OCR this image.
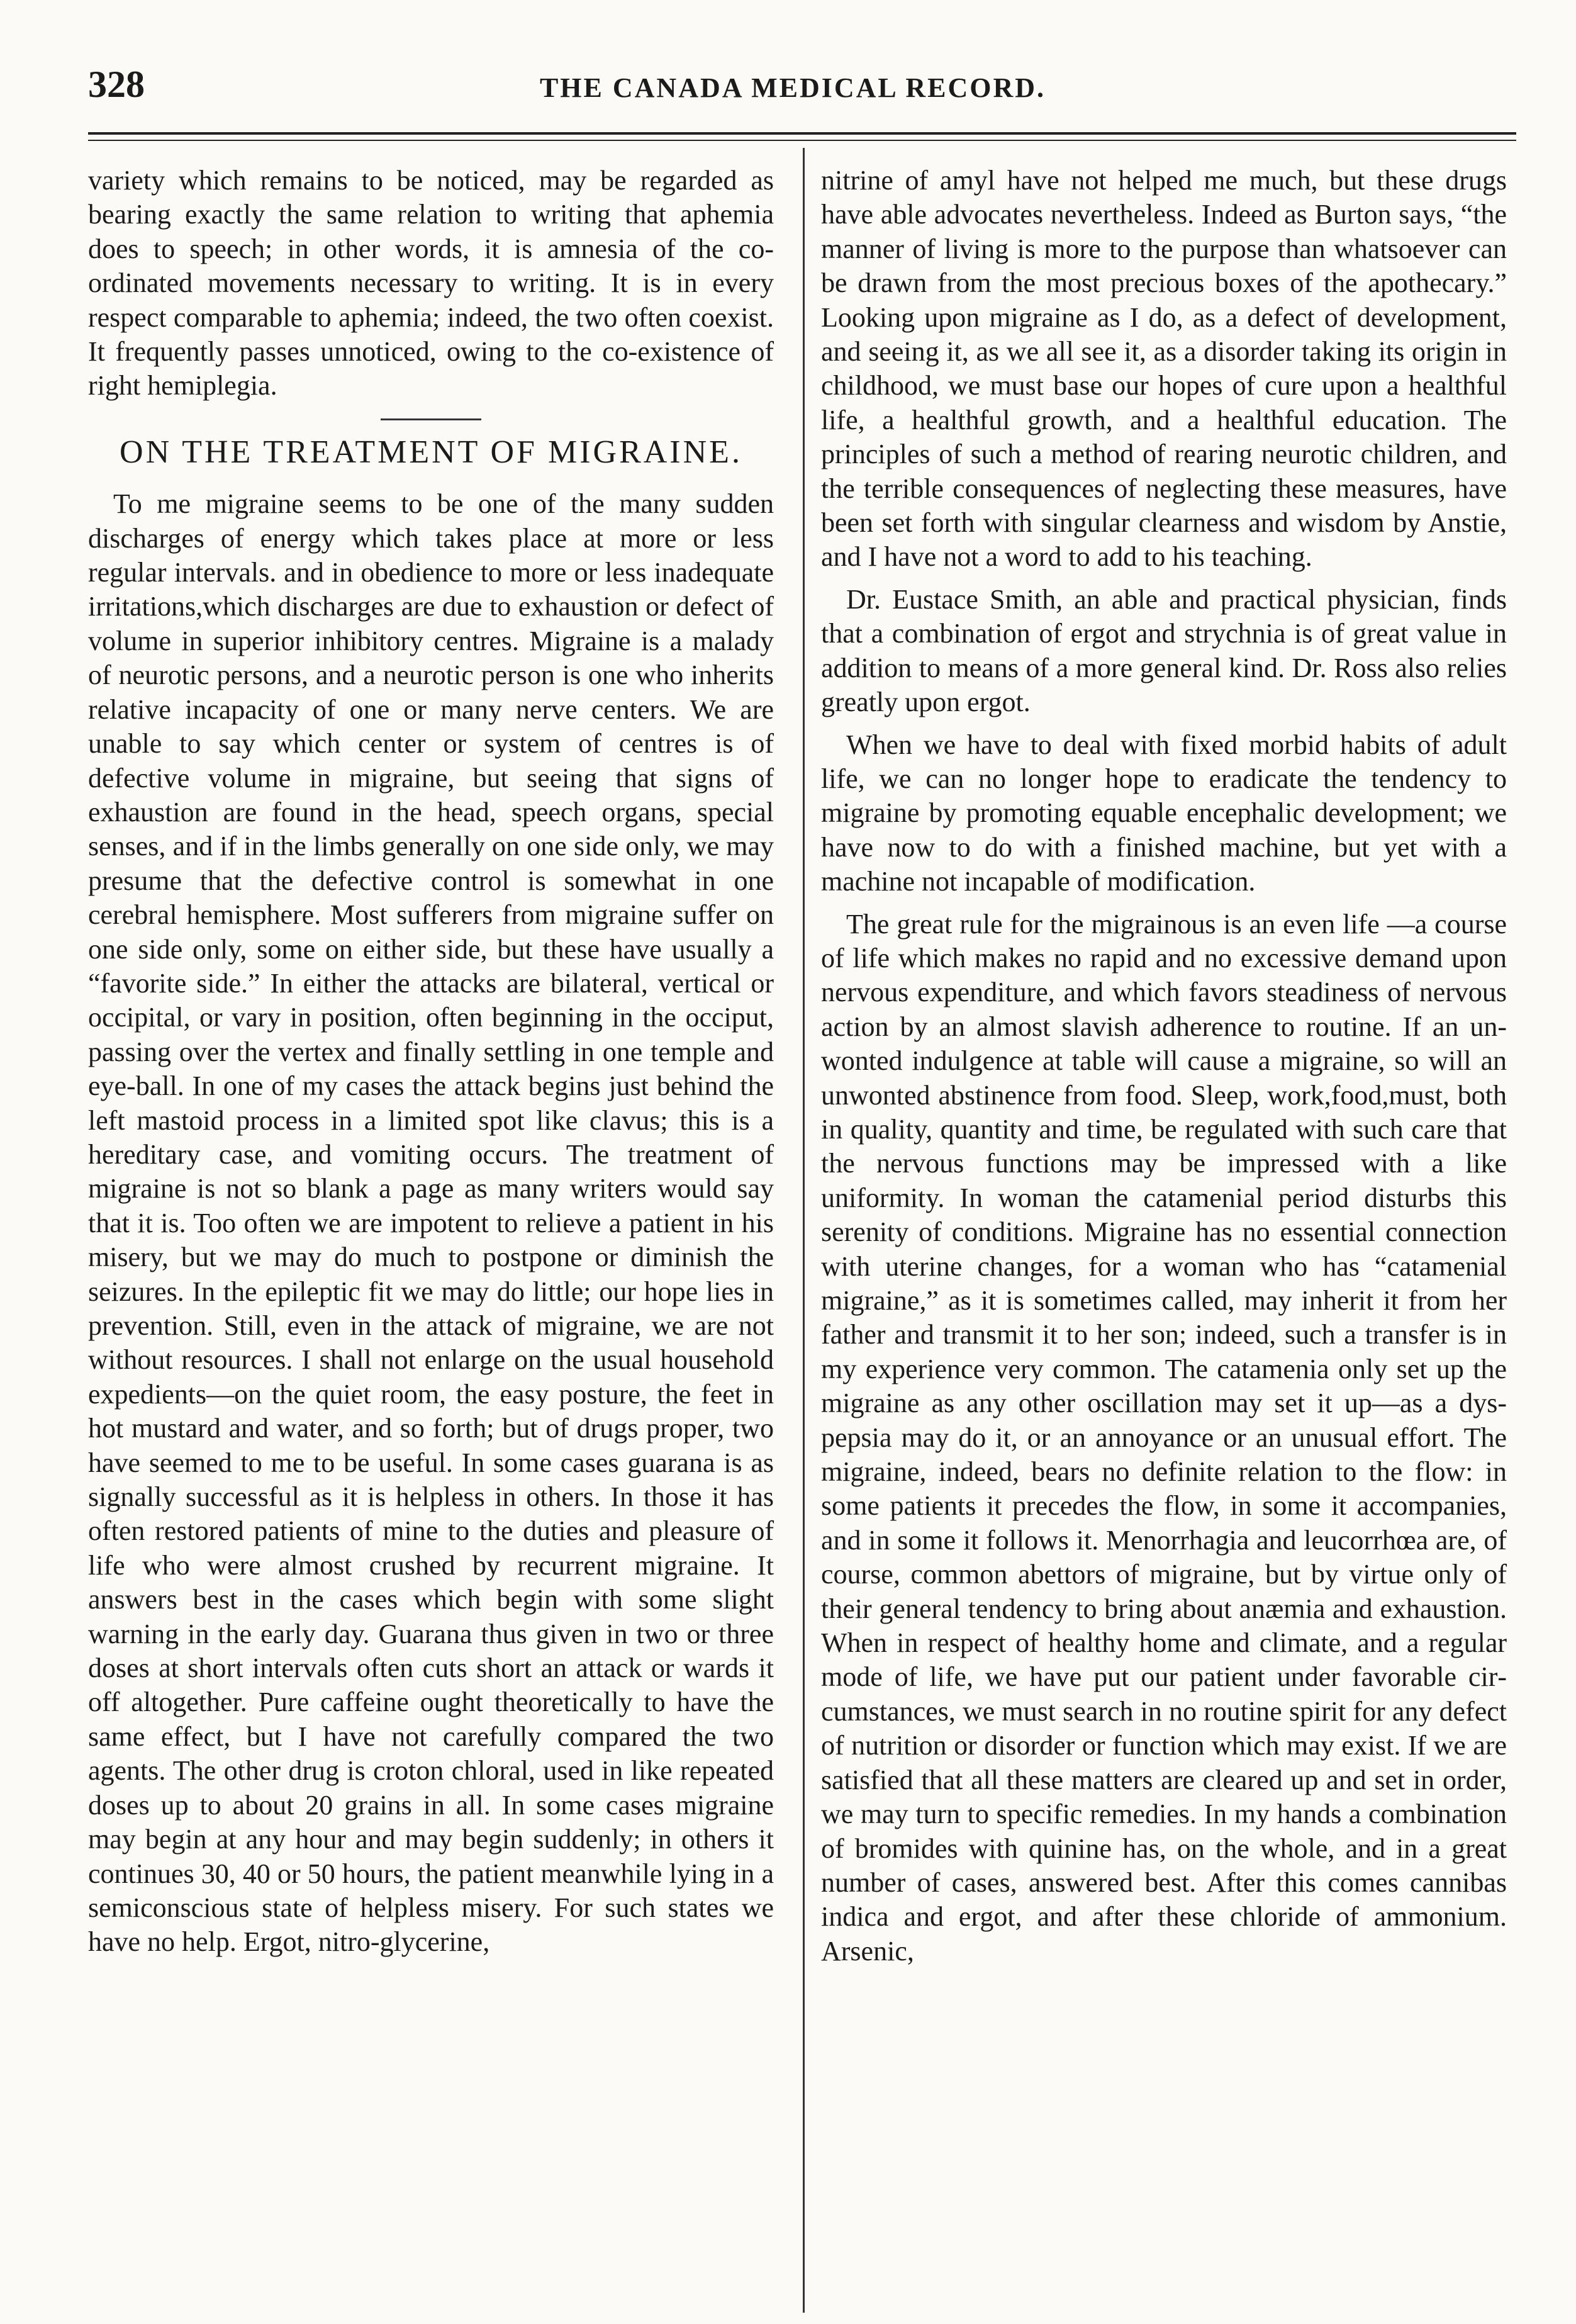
328	THE CANADA MEDICAL RECORD.

variety which remains to be noticed, may be regarded as bearing exactly the same relation to writing that aphemia does to speech; in other words, it is amnesia of the co-ordinated movements necessary to writing. It is in every respect comparable to aphemia; indeed, the two often coexist. It frequently passes unnoticed, owing to the co-existence of right hemiplegia.

ON THE TREATMENT OF MIGRAINE.

To me migraine seems to be one of the many sudden discharges of energy which takes place at more or less regular intervals. and in obedience to more or less inadequate irritations,which discharges are due to exhaustion or defect of volume in superior inhibitory centres. Migraine is a malady of neurotic persons, and a neurotic person is one who inherits relative incapacity of one or many nerve centers. We are unable to say which center or system of centres is of defective volume in migraine, but seeing that signs of exhaustion are found in the head, speech organs, special senses, and if in the limbs generally on one side only, we may presume that the defective control is somewhat in one cerebral hemisphere. Most sufferers from migraine suffer on one side only, some on either side, but these have usually a “favorite side.” In either the attacks are bilateral, vertical or occipital, or vary in position, often beginning in the occiput, passing over the vertex and finally settling in one temple and eye-ball. In one of my cases the attack begins just behind the left mastoid process in a limited spot like clavus; this is a hereditary case, and vomiting occurs. The treatment of migraine is not so blank a page as many writers would say that it is. Too often we are impotent to relieve a patient in his misery, but we may do much to postpone or diminish the seizures. In the epileptic fit we may do little; our hope lies in prevention. Still, even in the attack of migraine, we are not without resources. I shall not enlarge on the usual household expedients—on the quiet room, the easy posture, the feet in hot mustard and water, and so forth; but of drugs proper, two have seemed to me to be useful. In some cases guarana is as signally successful as it is helpless in others. In those it has often restored patients of mine to the duties and pleasure of life who were almost crushed by recurrent migraine. It answers best in the cases which begin with some slight warning in the early day. Guarana thus given in two or three doses at short intervals often cuts short an attack or wards it off altogether. Pure caffeine ought theoretically to have the same effect, but I have not carefully compared the two agents. The other drug is croton chloral, used in like repeated doses up to about 20 grains in all. In some cases migraine may begin at any hour and may begin suddenly; in others it continues 30, 40 or 50 hours, the patient meanwhile lying in a semiconscious state of helpless misery. For such states we have no help. Ergot, nitro-glycerine,

nitrine of amyl have not helped me much, but these drugs have able advocates nevertheless. Indeed as Burton says, “the manner of living is more to the purpose than whatsoever can be drawn from the most precious boxes of the apothecary.” Looking upon migraine as I do, as a defect of development, and seeing it, as we all see it, as a disorder taking its origin in childhood, we must base our hopes of cure upon a healthful life, a healthful growth, and a healthful education. The principles of such a method of rearing neurotic children, and the terrible consequences of neglecting these measures, have been set forth with singular clearness and wisdom by Anstie, and I have not a word to add to his teaching.

Dr. Eustace Smith, an able and practical physician, finds that a combination of ergot and strychnia is of great value in addition to means of a more general kind. Dr. Ross also relies greatly upon ergot.

When we have to deal with fixed morbid habits of adult life, we can no longer hope to eradicate the tendency to migraine by promoting equable encephalic development; we have now to do with a finished machine, but yet with a machine not incapable of modification.

The great rule for the migrainous is an even life —a course of life which makes no rapid and no excessive demand upon nervous expenditure, and which favors steadiness of nervous action by an almost slavish adherence to routine. If an unwonted indulgence at table will cause a migraine, so will an unwonted abstinence from food. Sleep, work,food,must, both in quality, quantity and time, be regulated with such care that the nervous functions may be impressed with a like uniformity. In woman the catamenial period disturbs this serenity of conditions. Migraine has no essential connection with uterine changes, for a woman who has “catamenial migraine,” as it is sometimes called, may inherit it from her father and transmit it to her son; indeed, such a transfer is in my experience very common. The catamenia only set up the migraine as any other oscillation may set it up—as a dyspepsia may do it, or an annoyance or an unusual effort. The migraine, indeed, bears no definite relation to the flow: in some patients it precedes the flow, in some it accompanies, and in some it follows it. Menorrhagia and leucorrhœa are, of course, common abettors of migraine, but by virtue only of their general tendency to bring about anæmia and exhaustion. When in respect of healthy home and climate, and a regular mode of life, we have put our patient under favorable circumstances, we must search in no routine spirit for any defect of nutrition or disorder or function which may exist. If we are satisfied that all these matters are cleared up and set in order, we may turn to specific remedies. In my hands a combination of bromides with quinine has, on the whole, and in a great number of cases, answered best. After this comes cannibas indica and ergot, and after these chloride of ammonium. Arsenic,
